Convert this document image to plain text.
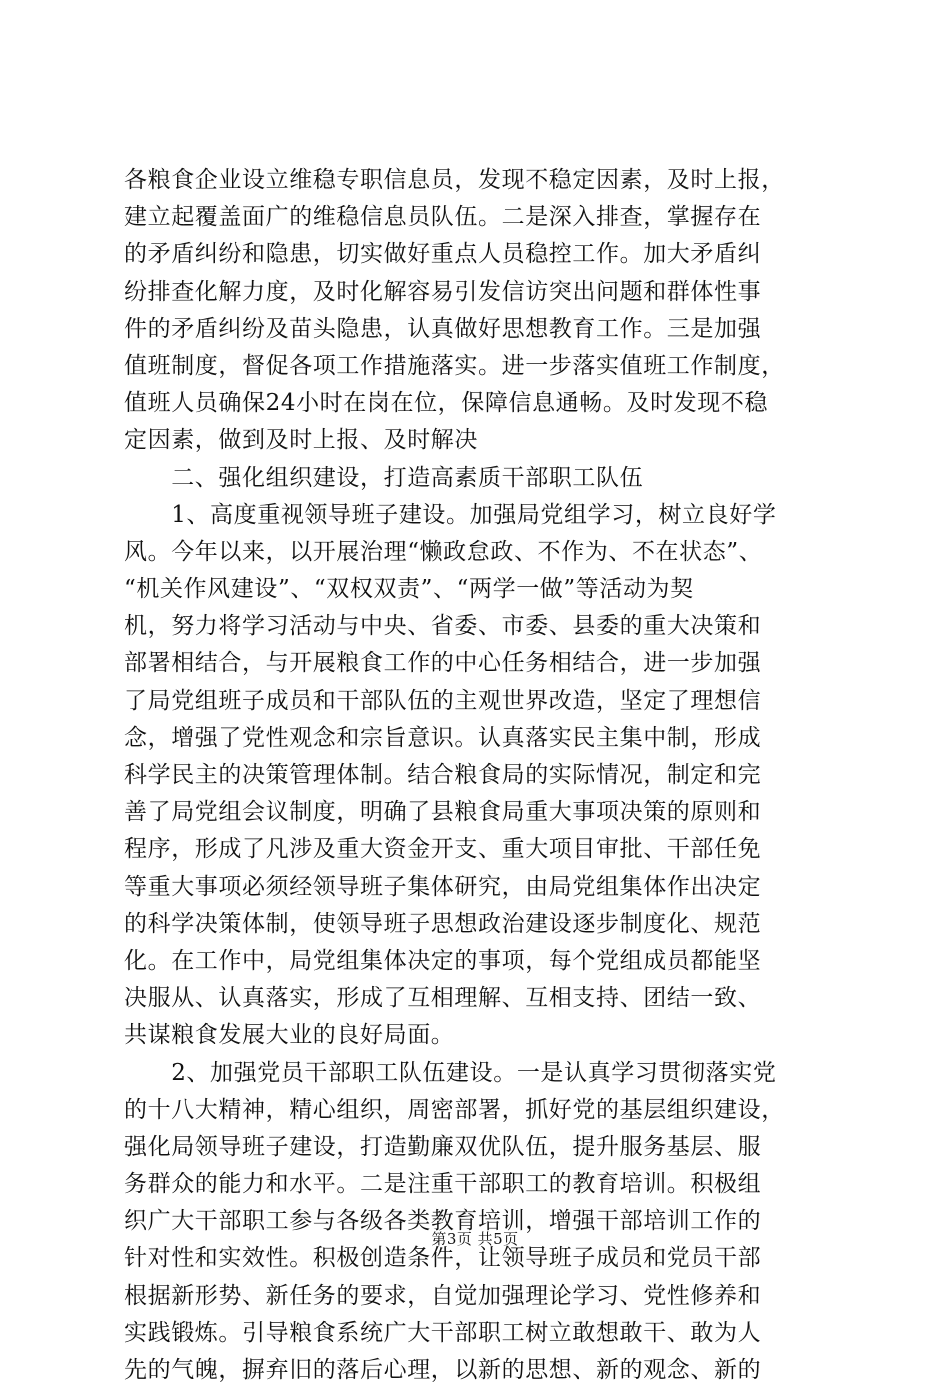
各粮食企业设立维稳专职信息员，发现不稳定因素，及时上报，
建立起覆盖面广的维稳信息员队伍。二是深入排查，掌握存在
的矛盾纠纷和隐患，切实做好重点人员稳控工作。加大矛盾纠
纷排查化解力度，及时化解容易引发信访突出问题和群体性事
件的矛盾纠纷及苗头隐患，认真做好思想教育工作。三是加强
值班制度，督促各项工作措施落实。进一步落实值班工作制度，
值班人员确保24小时在岗在位，保障信息通畅。及时发现不稳
定因素，做到及时上报、及时解决
　　二、强化组织建设，打造高素质干部职工队伍
　　1、高度重视领导班子建设。加强局党组学习，树立良好学
风。今年以来，以开展治理“懒政怠政、不作为、不在状态”、
“机关作风建设”、“双权双责”、“两学一做”等活动为契
机，努力将学习活动与中央、省委、市委、县委的重大决策和
部署相结合，与开展粮食工作的中心任务相结合，进一步加强
了局党组班子成员和干部队伍的主观世界改造，坚定了理想信
念，增强了党性观念和宗旨意识。认真落实民主集中制，形成
科学民主的决策管理体制。结合粮食局的实际情况，制定和完
善了局党组会议制度，明确了县粮食局重大事项决策的原则和
程序，形成了凡涉及重大资金开支、重大项目审批、干部任免
等重大事项必须经领导班子集体研究，由局党组集体作出决定
的科学决策体制，使领导班子思想政治建设逐步制度化、规范
化。在工作中，局党组集体决定的事项，每个党组成员都能坚
决服从、认真落实，形成了互相理解、互相支持、团结一致、
共谋粮食发展大业的良好局面。
　　2、加强党员干部职工队伍建设。一是认真学习贯彻落实党
的十八大精神，精心组织，周密部署，抓好党的基层组织建设，
强化局领导班子建设，打造勤廉双优队伍，提升服务基层、服
务群众的能力和水平。二是注重干部职工的教育培训。积极组
织广大干部职工参与各级各类教育培训，增强干部培训工作的
针对性和实效性。积极创造条件，让领导班子成员和党员干部
根据新形势、新任务的要求，自觉加强理论学习、党性修养和
实践锻炼。引导粮食系统广大干部职工树立敢想敢干、敢为人
先的气魄，摒弃旧的落后心理，以新的思想、新的观念、新的
第3页 共5页
